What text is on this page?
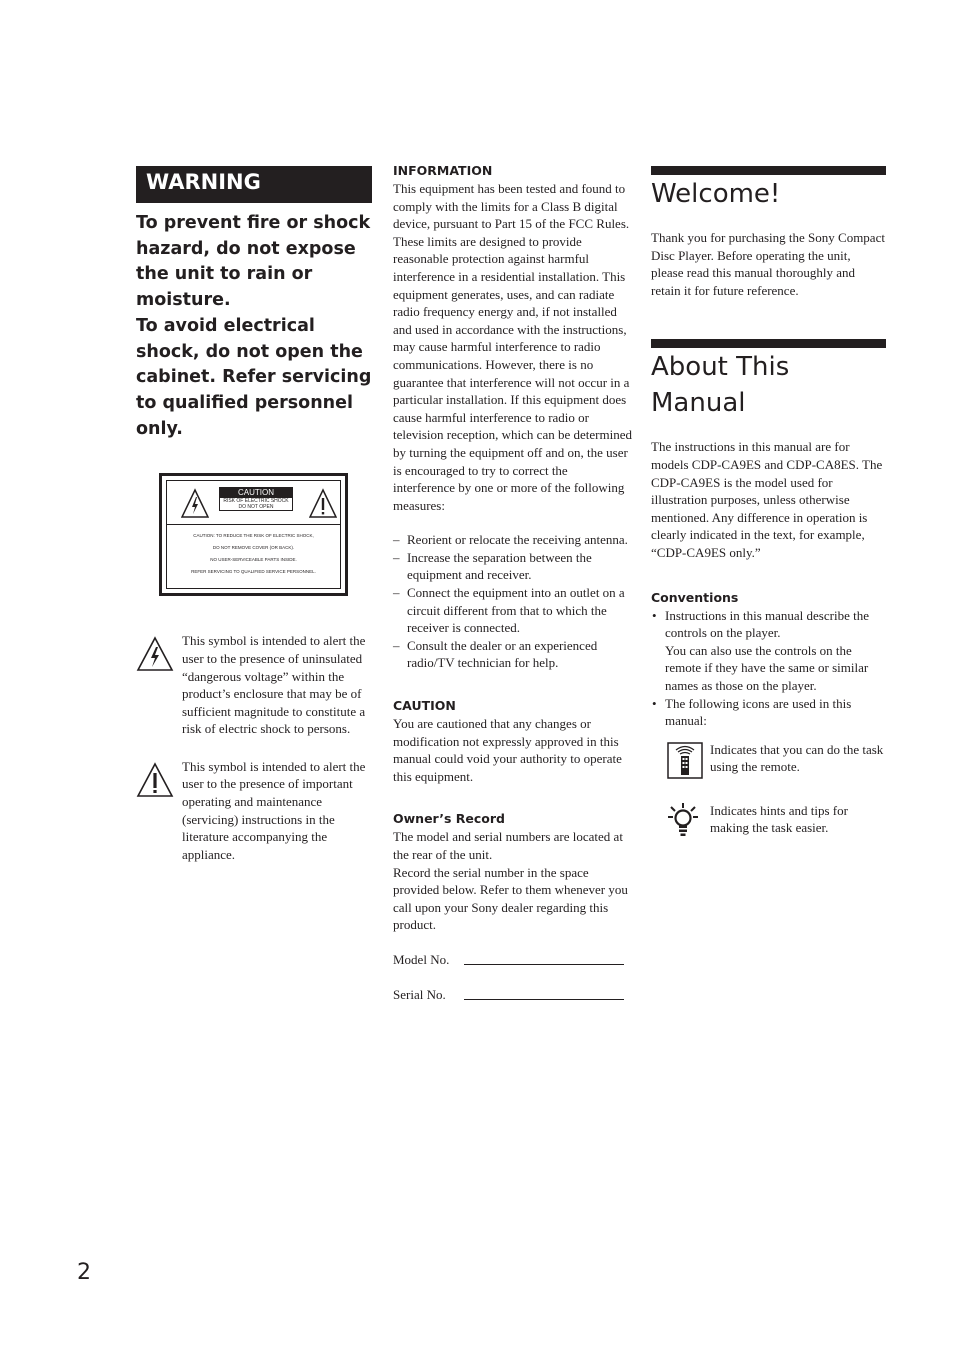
WARNING

To prevent fire or shock hazard, do not expose the unit to rain or moisture.

To avoid electrical shock, do not open the cabinet. Refer servicing to qualified personnel only.

CAUTION
RISK OF ELECTRIC SHOCK
DO NOT OPEN
CAUTION: TO REDUCE THE RISK OF ELECTRIC SHOCK,
DO NOT REMOVE COVER (OR BACK).
NO USER-SERVICEABLE PARTS INSIDE.
REFER SERVICING TO QUALIFIED SERVICE PERSONNEL.
This symbol is intended to alert the user to the presence of uninsulated “dangerous voltage” within the product’s enclosure that may be of sufficient magnitude to constitute a risk of electric shock to persons.
This symbol is intended to alert the user to the presence of important operating and maintenance (servicing) instructions in the literature accompanying the appliance.
INFORMATION

This equipment has been tested and found to comply with the limits for a Class B digital device, pursuant to Part 15 of the FCC Rules. These limits are designed to provide reasonable protection against harmful interference in a residential installation. This equipment generates, uses, and can radiate radio frequency energy and, if not installed and used in accordance with the instructions, may cause harmful interference to radio communications. However, there is no guarantee that interference will not occur in a particular installation. If this equipment does cause harmful interference to radio or television reception, which can be determined by turning the equipment off and on, the user is encouraged to try to correct the interference by one or more of the following measures:

– Reorient or relocate the receiving antenna.
– Increase the separation between the equipment and receiver.
– Connect the equipment into an outlet on a circuit different from that to which the receiver is connected.
– Consult the dealer or an experienced radio/TV technician for help.
CAUTION

You are cautioned that any changes or modification not expressly approved in this manual could void your authority to operate this equipment.

Owner’s Record

The model and serial numbers are located at the rear of the unit.

Record the serial number in the space provided below. Refer to them whenever you call upon your Sony dealer regarding this product.

Model No.
Serial No.
Welcome!

Thank you for purchasing the Sony Compact Disc Player. Before operating the unit, please read this manual thoroughly and retain it for future reference.

About This Manual

The instructions in this manual are for models CDP-CA9ES and CDP-CA8ES. The CDP-CA9ES is the model used for illustration purposes, unless otherwise mentioned. Any difference in operation is clearly indicated in the text, for example, “CDP-CA9ES only.”

Conventions
• Instructions in this manual describe the controls on the player.
You can also use the controls on the remote if they have the same or similar names as those on the player.
• The following icons are used in this manual:
Indicates that you can do the task using the remote.
Indicates hints and tips for making the task easier.
2
